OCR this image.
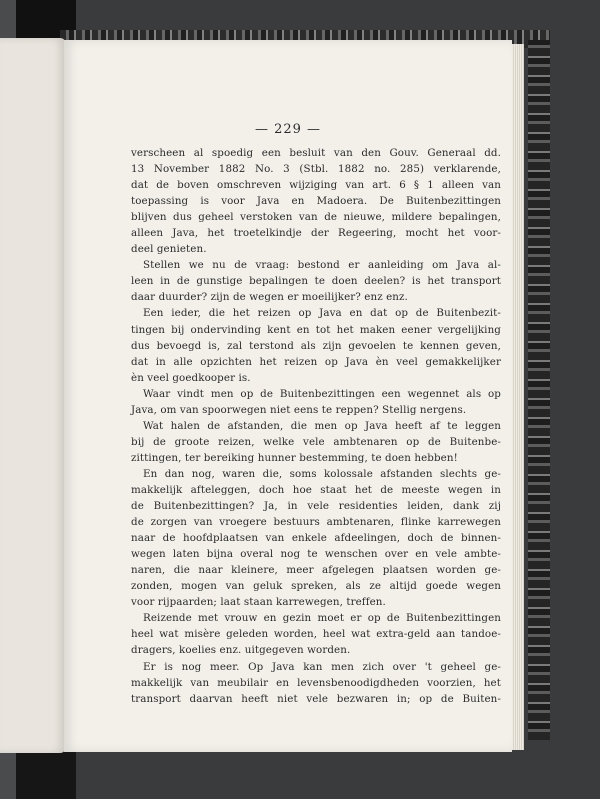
— 229 —
verscheen al spoedig een besluit van den Gouv. Generaal dd.
13 November 1882 No. 3 (Stbl. 1882 no. 285) verklarende,
dat de boven omschreven wijziging van art. 6 § 1 alleen van
toepassing is voor Java en Madoera. De Buitenbezittingen
blijven dus geheel verstoken van de nieuwe, mildere bepalingen,
alleen Java, het troetelkindje der Regeering, mocht het voor-
deel genieten.
Stellen we nu de vraag: bestond er aanleiding om Java al-
leen in de gunstige bepalingen te doen deelen? is het transport
daar duurder? zijn de wegen er moeilijker? enz enz.
Een ieder, die het reizen op Java en dat op de Buitenbezit-
tingen bij ondervinding kent en tot het maken eener vergelijking
dus bevoegd is, zal terstond als zijn gevoelen te kennen geven,
dat in alle opzichten het reizen op Java èn veel gemakkelijker
èn veel goedkooper is.
Waar vindt men op de Buitenbezittingen een wegennet als op
Java, om van spoorwegen niet eens te reppen? Stellig nergens.
Wat halen de afstanden, die men op Java heeft af te leggen
bij de groote reizen, welke vele ambtenaren op de Buitenbe-
zittingen, ter bereiking hunner bestemming, te doen hebben!
En dan nog, waren die, soms kolossale afstanden slechts ge-
makkelijk afteleggen, doch hoe staat het de meeste wegen in
de Buitenbezittingen? Ja, in vele residenties leiden, dank zij
de zorgen van vroegere bestuurs ambtenaren, flinke karrewegen
naar de hoofdplaatsen van enkele afdeelingen, doch de binnen-
wegen laten bijna overal nog te wenschen over en vele ambte-
naren, die naar kleinere, meer afgelegen plaatsen worden ge-
zonden, mogen van geluk spreken, als ze altijd goede wegen
voor rijpaarden; laat staan karrewegen, treffen.
Reizende met vrouw en gezin moet er op de Buitenbezittingen
heel wat misère geleden worden, heel wat extra-geld aan tandoe-
dragers, koelies enz. uitgegeven worden.
Er is nog meer. Op Java kan men zich over 't geheel ge-
makkelijk van meubilair en levensbenoodigdheden voorzien, het
transport daarvan heeft niet vele bezwaren in; op de Buiten-
